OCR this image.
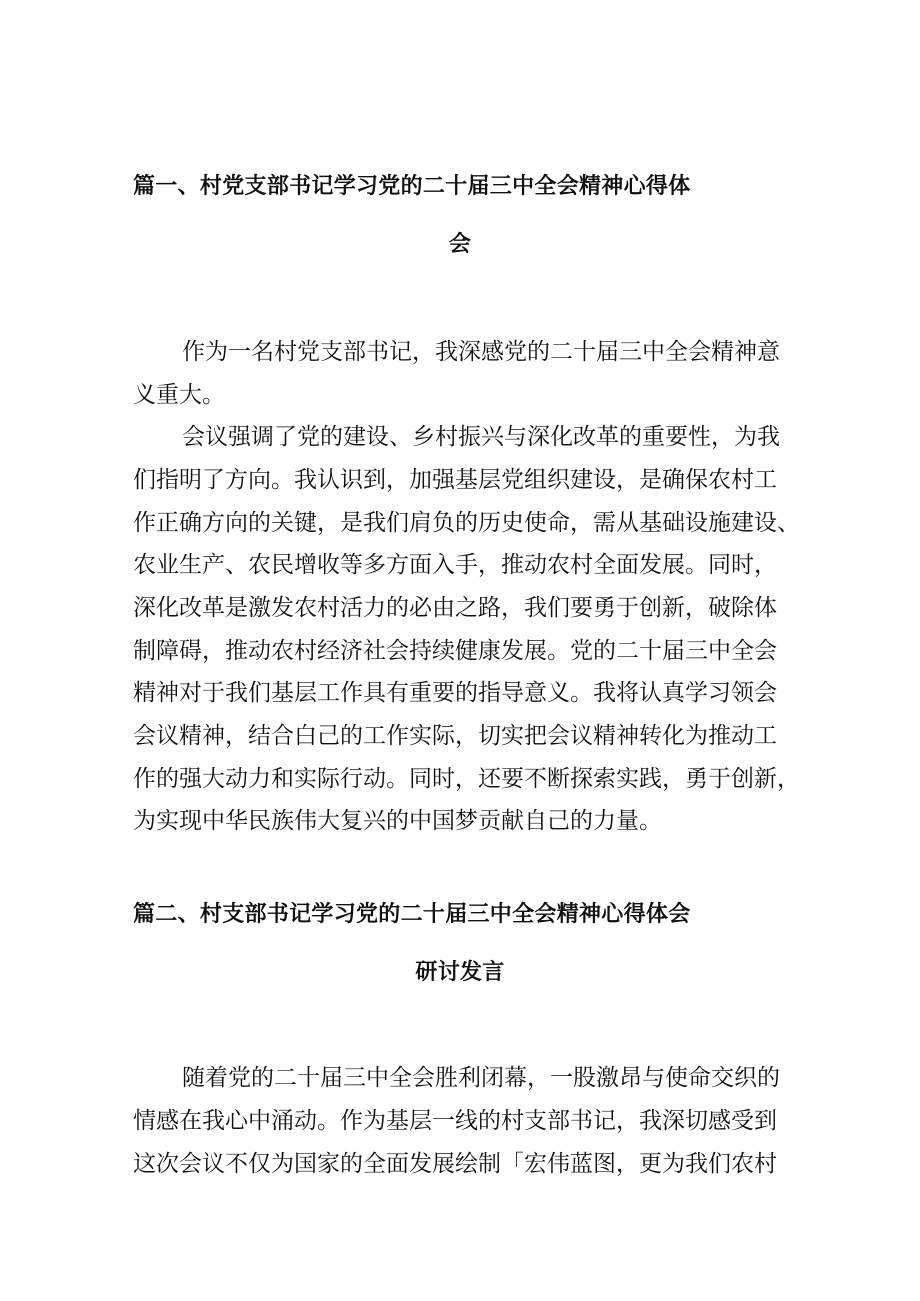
篇一、村党支部书记学习党的二十届三中全会精神心得体
会
作为一名村党支部书记，我深感党的二十届三中全会精神意
义重大。
会议强调了党的建设、乡村振兴与深化改革的重要性，为我
们指明了方向。我认识到，加强基层党组织建设，是确保农村工
作正确方向的关键，是我们肩负的历史使命，需从基础设施建设、
农业生产、农民增收等多方面入手，推动农村全面发展。同时，
深化改革是激发农村活力的必由之路，我们要勇于创新，破除体
制障碍，推动农村经济社会持续健康发展。党的二十届三中全会
精神对于我们基层工作具有重要的指导意义。我将认真学习领会
会议精神，结合白己的工作实际，切实把会议精神转化为推动工
作的强大动力和实际行动。同时，还要不断探索实践，勇于创新，
为实现中华民族伟大复兴的中国梦贡献自己的力量。
篇二、村支部书记学习党的二十届三中全会精神心得体会
研讨发言
随着党的二十届三中全会胜利闭幕，一股激昂与使命交织的
情感在我心中涌动。作为基层一线的村支部书记，我深切感受到
这次会议不仅为国家的全面发展绘制「宏伟蓝图，更为我们农村
